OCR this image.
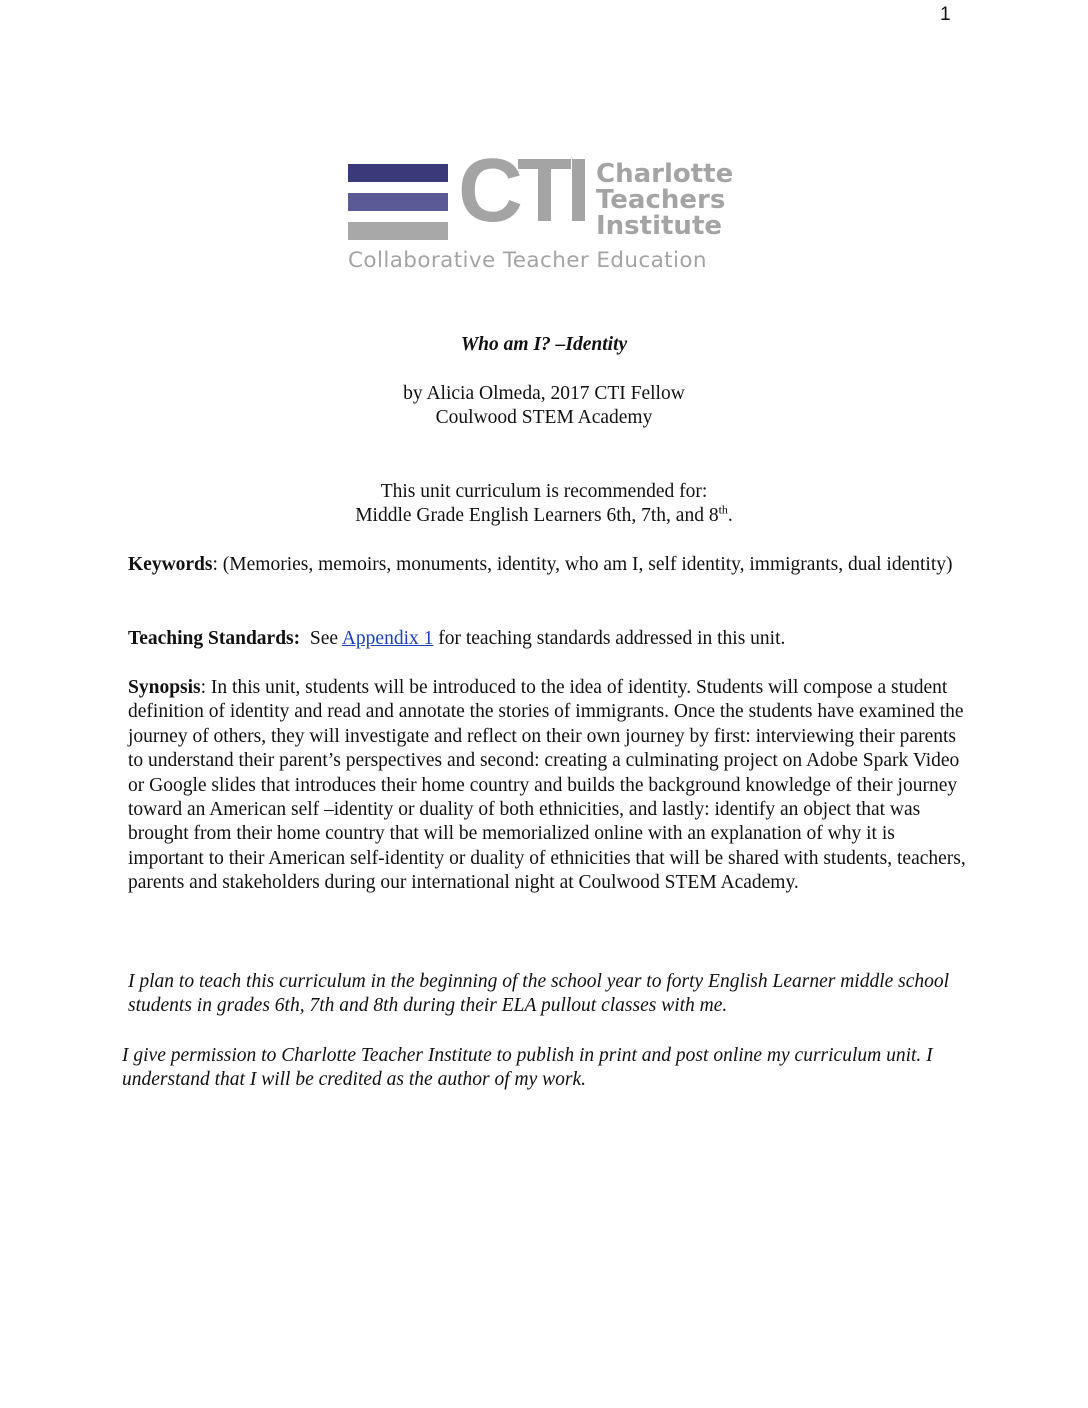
1
CTI Charlotte
Teachers
Institute
Collaborative Teacher Education
Who am I? –Identity
by Alicia Olmeda, 2017 CTI Fellow
Coulwood STEM Academy
This unit curriculum is recommended for:
Middle Grade English Learners 6th, 7th, and 8th.
Keywords: (Memories, memoirs, monuments, identity, who am I, self identity, immigrants, dual identity)
Teaching Standards:  See Appendix 1 for teaching standards addressed in this unit.
Synopsis: In this unit, students will be introduced to the idea of identity. Students will compose a student definition of identity and read and annotate the stories of immigrants. Once the students have examined the journey of others, they will investigate and reflect on their own journey by first: interviewing their parents to understand their parent’s perspectives and second: creating a culminating project on Adobe Spark Video or Google slides that introduces their home country and builds the background knowledge of their journey toward an American self –identity or duality of both ethnicities, and lastly: identify an object that was brought from their home country that will be memorialized online with an explanation of why it is important to their American self-identity or duality of ethnicities that will be shared with students, teachers, parents and stakeholders during our international night at Coulwood STEM Academy.
I plan to teach this curriculum in the beginning of the school year to forty English Learner middle school students in grades 6th, 7th and 8th during their ELA pullout classes with me.
I give permission to Charlotte Teacher Institute to publish in print and post online my curriculum unit. I understand that I will be credited as the author of my work.
